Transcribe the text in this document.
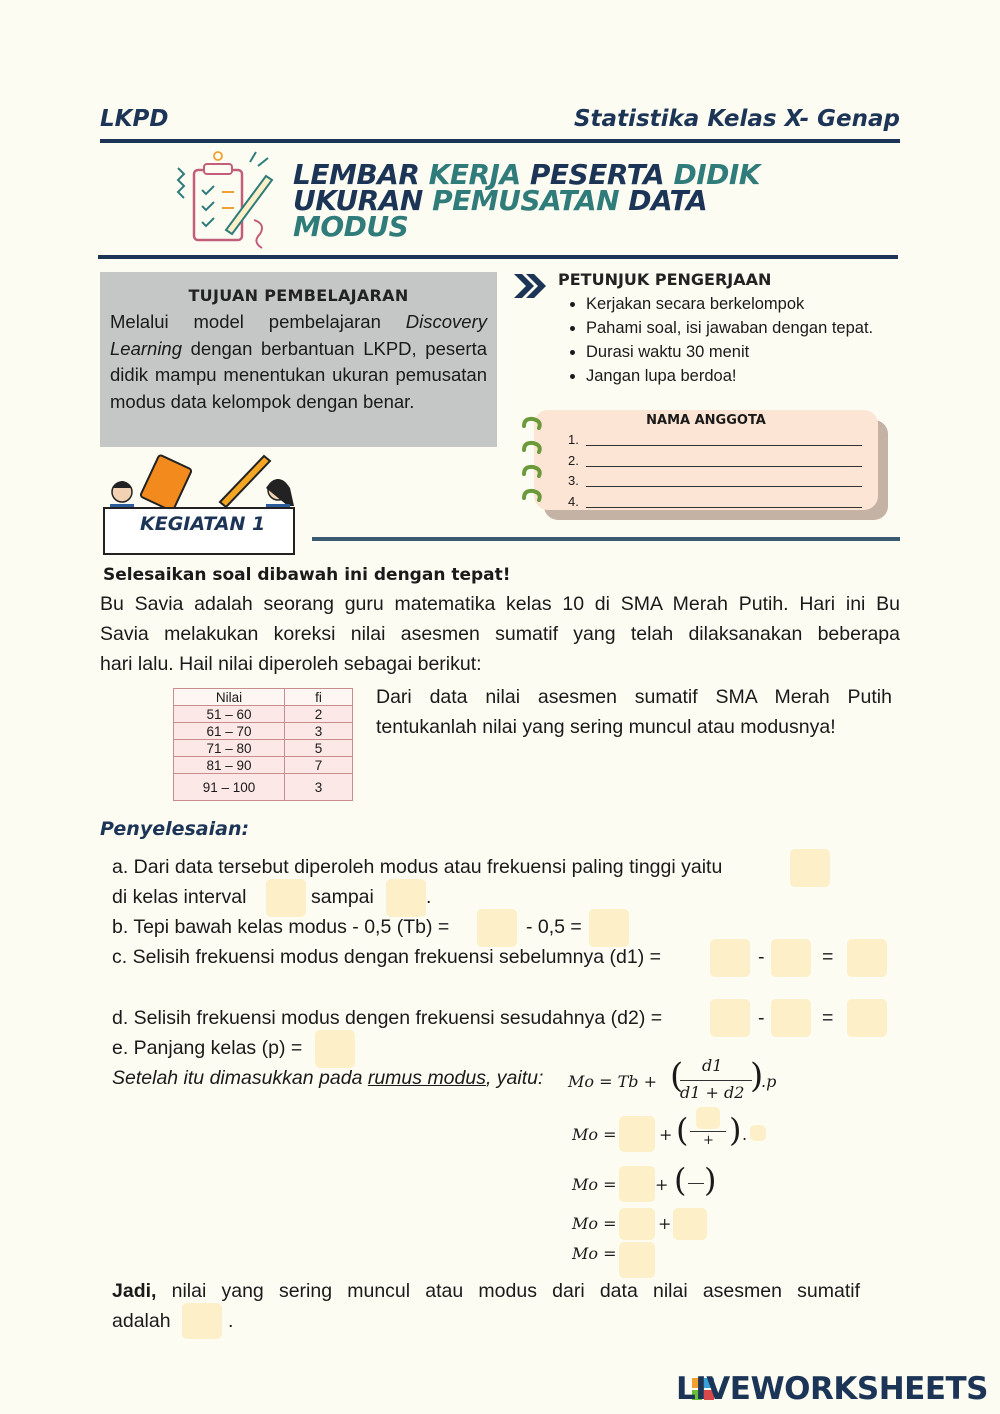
LKPD	Statistika Kelas X- Genap
LEMBAR KERJA PESERTA DIDIK
UKURAN PEMUSATAN DATA
MODUS
TUJUAN PEMBELAJARAN

Melalui model pembelajaran Discovery Learning dengan berbantuan LKPD, peserta didik mampu menentukan ukuran pemusatan modus data kelompok dengan benar.

PETUNJUK PENGERJAAN
• Kerjakan secara berkelompok
• Pahami soal, isi jawaban dengan tepat.
• Durasi waktu 30 menit
• Jangan lupa berdoa!
NAMA ANGGOTA
1.
2.
3.
4.
KEGIATAN 1
Selesaikan soal dibawah ini dengan tepat!
Bu Savia adalah seorang guru matematika kelas 10 di SMA Merah Putih. Hari ini Bu
Savia melakukan koreksi nilai asesmen sumatif yang telah dilaksanakan beberapa
hari lalu. Hail nilai diperoleh sebagai berikut:
Nilai	fi
51 – 60	2
61 – 70	3
71 – 80	5
81 – 90	7
91 – 100	3
Dari data nilai asesmen sumatif SMA Merah Putih
tentukanlah nilai yang sering muncul atau modusnya!
Penyelesaian:
a. Dari data tersebut diperoleh modus atau frekuensi paling tinggi yaitu
di kelas interval	sampai	.
b. Tepi bawah kelas modus - 0,5 (Tb) =	- 0,5 =
c. Selisih frekuensi modus dengan frekuensi sebelumnya (d1) =	-	=
d. Selisih frekuensi modus dengen frekuensi sesudahnya (d2) =	-	=
e. Panjang kelas (p) =
Setelah itu dimasukkan pada rumus modus, yaitu: Mo = Tb + ( d1
d1 + d2 )
.p
Mo =	+ ( + ) .
Mo = + ( )
Mo =	+
Mo =
Jadi, nilai yang sering muncul atau modus dari data nilai asesmen sumatif
adalah	.
LIVEWORKSHEETS
